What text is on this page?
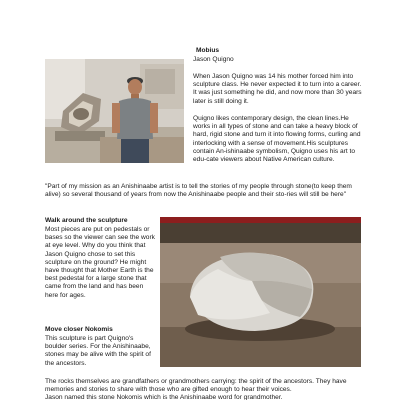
Mobius
Jason Quigno
When Jason Quigno was 14 his mother forced him into sculpture class. He never expected it to turn into a career. It was just something he did, and now more than 30 years later is still doing it.
Quigno likes contemporary design, the clean lines.He works in all types of stone and can take a heavy block of hard, rigid stone and turn it into flowing forms, curling and interlocking with a sense of movement.His sculptures contain An-ishinaabe symbolism, Quigno uses his art to edu-cate viewers about Native American culture.
"Part of my mission as an Anishinaabe artist is to tell the stories of my people through stone(to keep them alive) so several thousand of years from now the Anishinaabe people and their sto-ries will still be here"
Walk around the sculpture
Most pieces are put on pedestals or bases so the viewer can see the work at eye level. Why do you think that Jason Quigno chose to set this sculpture on the ground? He might have thought that Mother Earth is the best pedestal for a large stone that came from the land and has been here for ages.
Move closer Nokomis
This sculpture is part Quigno's boulder series. For the Anishinaabe, stones may be alive with the spirit of the ancestors.
The rocks themselves are grandfathers or grandmothers carrying: the spirit of the ancestors. They have memories and stories to share with those who are gifted enough to hear their voices.
Jason named this stone Nokomis which is the Anishinaabe word for grandmother.
